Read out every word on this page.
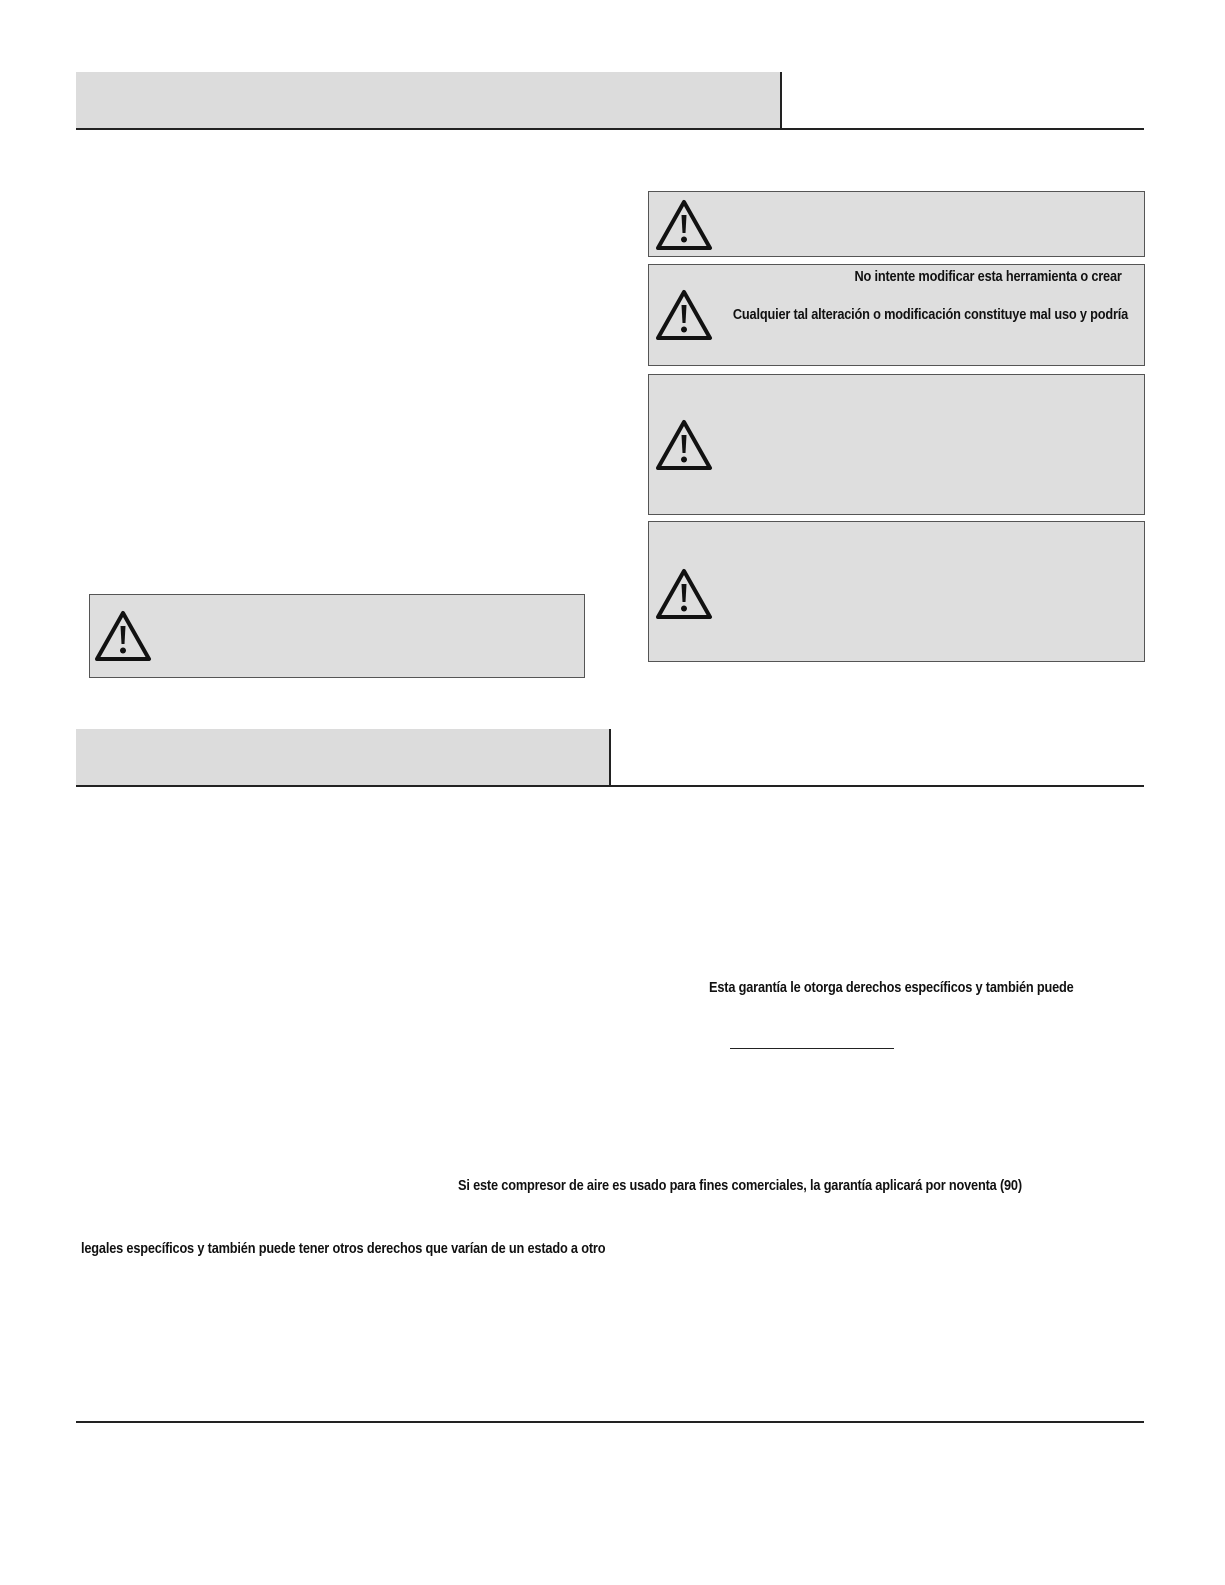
No intente modificar esta herramienta o crear
Cualquier tal alteración o modificación constituye mal uso y podría
Esta garantía le otorga derechos específicos y también puede
Si este compresor de aire es usado para fines comerciales, la garantía aplicará por noventa (90)
legales específicos y también puede tener otros derechos que varían de un estado a otro
